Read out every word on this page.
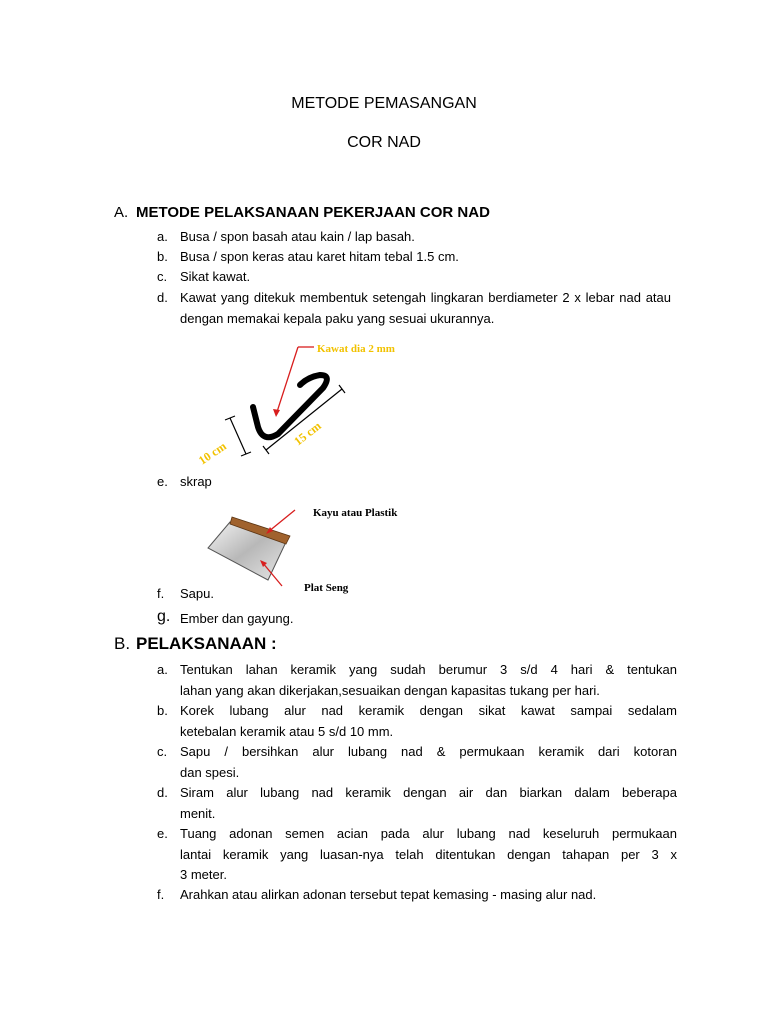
METODE PEMASANGAN
COR NAD
A. METODE PELAKSANAAN PEKERJAAN COR NAD
a. Busa / spon basah atau kain / lap basah.
b. Busa / spon keras atau karet hitam tebal 1.5 cm.
c. Sikat kawat.
d. Kawat yang ditekuk membentuk setengah lingkaran berdiameter 2 x lebar nad atau dengan memakai kepala paku yang sesuai ukurannya.
Kawat dia 2 mm
10 cm
15 cm
e. skrap
Kayu atau Plastik
Plat Seng
f. Sapu.
g. Ember dan gayung.
B. PELAKSANAAN :
a. Tentukan lahan keramik yang sudah berumur 3 s/d 4 hari & tentukan
lahan yang akan dikerjakan,sesuaikan dengan kapasitas tukang per hari.
b. Korek lubang alur nad keramik dengan sikat kawat sampai sedalam
ketebalan keramik atau 5 s/d 10 mm.
c. Sapu / bersihkan alur lubang nad & permukaan keramik dari kotoran
dan spesi.
d. Siram alur lubang nad keramik dengan air dan biarkan dalam beberapa
menit.
e. Tuang adonan semen acian pada alur lubang nad keseluruh permukaan
lantai keramik yang luasan-nya telah ditentukan dengan tahapan per 3 x
3 meter.
f. Arahkan atau alirkan adonan tersebut tepat kemasing - masing alur nad.
